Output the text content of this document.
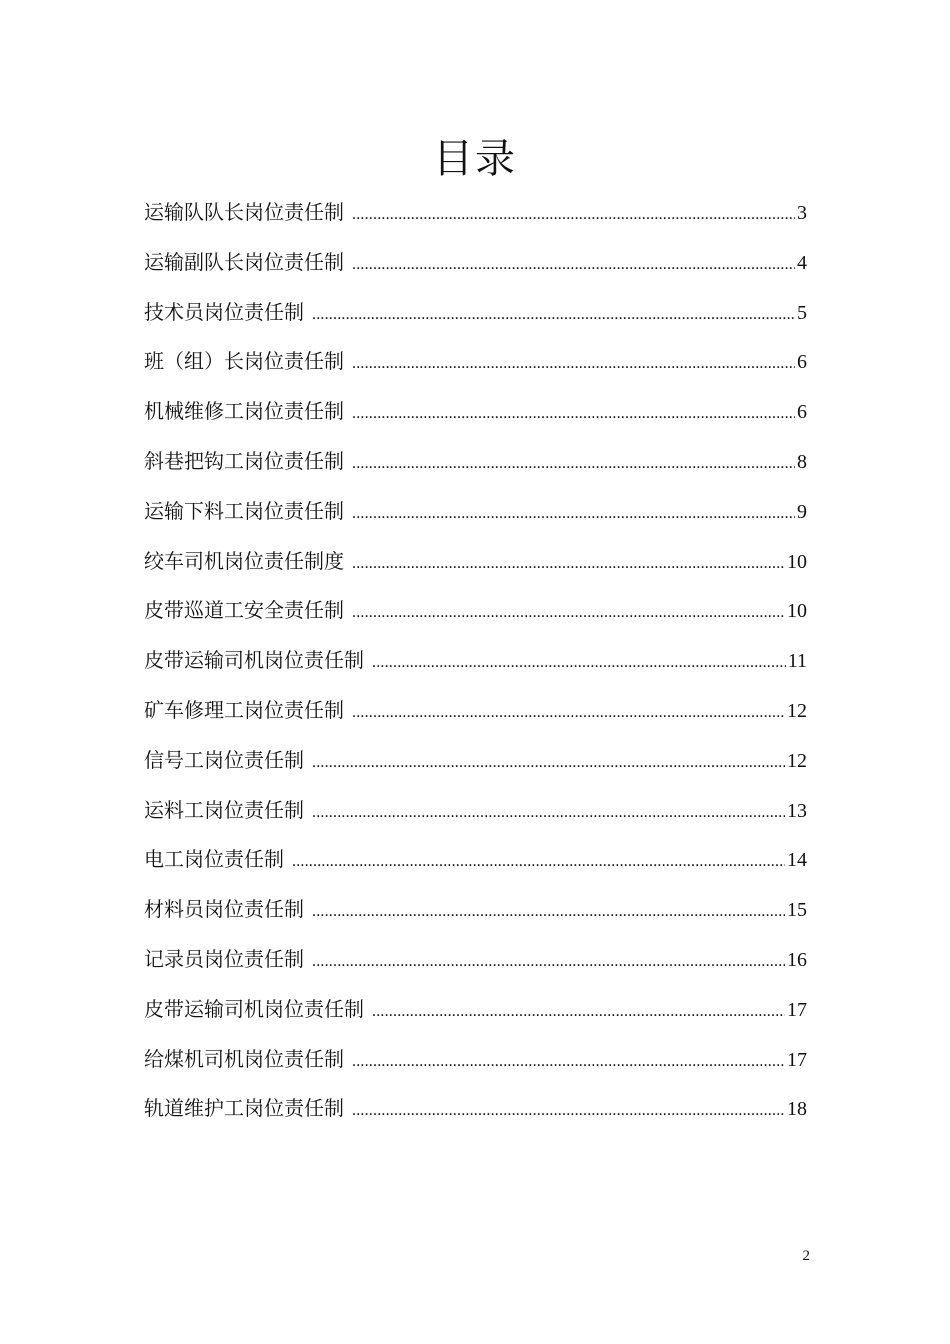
目录
运输队队长岗位责任制 .....	3
运输副队长岗位责任制 .....	4
技术员岗位责任制 .....	5
班（组）长岗位责任制 .....	6
机械维修工岗位责任制 .....	6
斜巷把钩工岗位责任制 .....	8
运输下料工岗位责任制 .....	9
绞车司机岗位责任制度 .....	10
皮带巡道工安全责任制 .....	10
皮带运输司机岗位责任制 .....	11
矿车修理工岗位责任制 .....	12
信号工岗位责任制 .....	12
运料工岗位责任制 .....	13
电工岗位责任制 .....	14
材料员岗位责任制 .....	15
记录员岗位责任制 .....	16
皮带运输司机岗位责任制 .....	17
给煤机司机岗位责任制 .....	17
轨道维护工岗位责任制 .....	18
2
